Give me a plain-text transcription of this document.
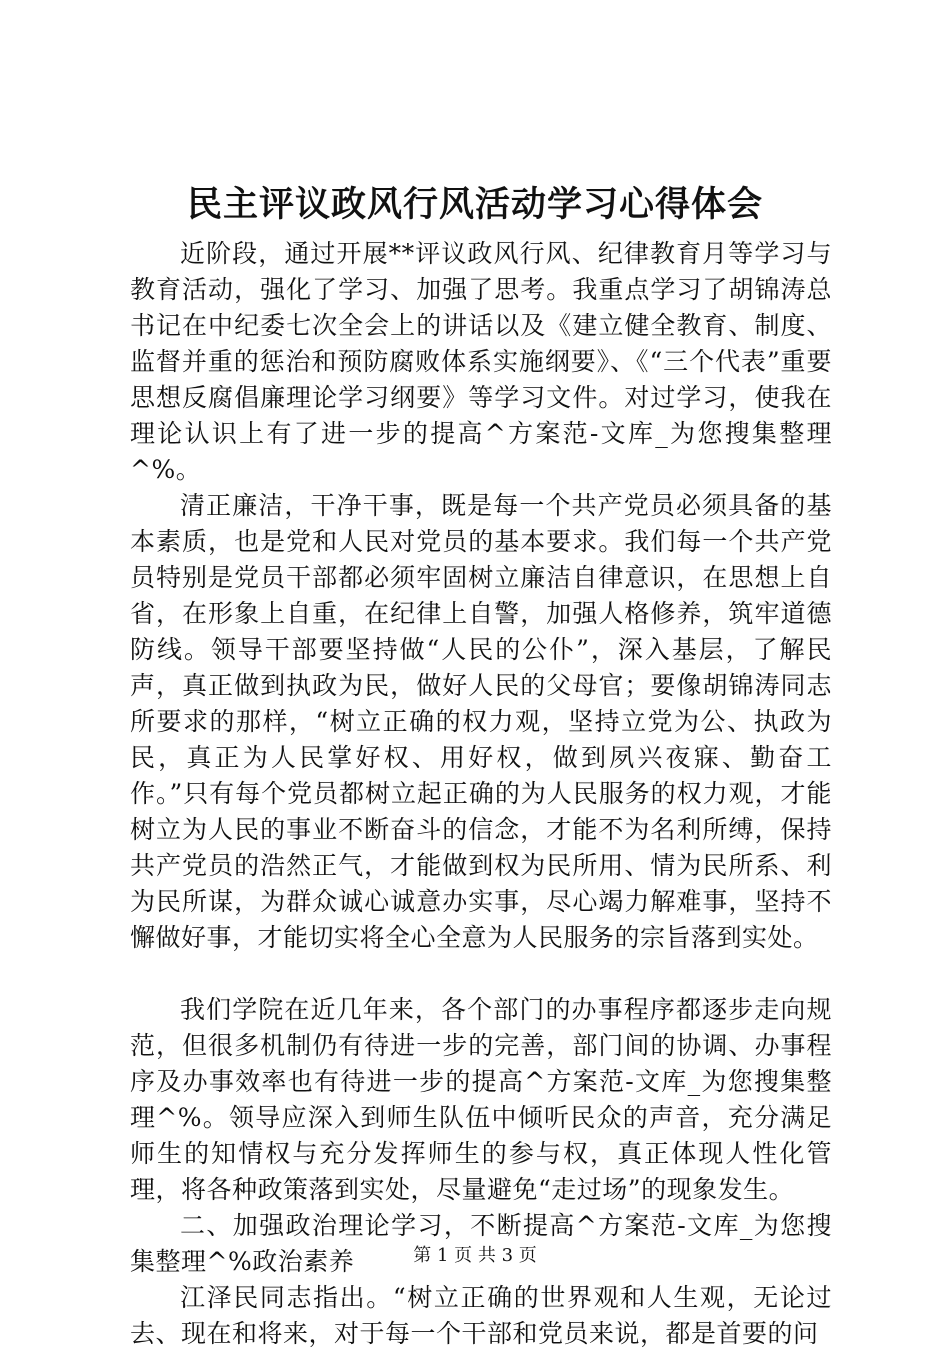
民主评议政风行风活动学习心得体会

近阶段，通过开展**评议政风行风、纪律教育月等学习与教育活动，强化了学习、加强了思考。我重点学习了胡锦涛总书记在中纪委七次全会上的讲话以及《建立健全教育、制度、监督并重的惩治和预防腐败体系实施纲要》、《“三个代表”重要思想反腐倡廉理论学习纲要》等学习文件。对过学习，使我在理论认识上有了进一步的提高^方案范-文库_为您搜集整理^%。

清正廉洁，干净干事，既是每一个共产党员必须具备的基本素质，也是党和人民对党员的基本要求。我们每一个共产党员特别是党员干部都必须牢固树立廉洁自律意识，在思想上自省，在形象上自重，在纪律上自警，加强人格修养，筑牢道德防线。领导干部要坚持做“人民的公仆”，深入基层，了解民声，真正做到执政为民，做好人民的父母官；要像胡锦涛同志所要求的那样，“树立正确的权力观，坚持立党为公、执政为民，真正为人民掌好权、用好权，做到夙兴夜寐、勤奋工作。”只有每个党员都树立起正确的为人民服务的权力观，才能树立为人民的事业不断奋斗的信念，才能不为名利所缚，保持共产党员的浩然正气，才能做到权为民所用、情为民所系、利为民所谋，为群众诚心诚意办实事，尽心竭力解难事，坚持不懈做好事，才能切实将全心全意为人民服务的宗旨落到实处。

我们学院在近几年来，各个部门的办事程序都逐步走向规范，但很多机制仍有待进一步的完善，部门间的协调、办事程序及办事效率也有待进一步的提高^方案范-文库_为您搜集整理^%。领导应深入到师生队伍中倾听民众的声音，充分满足师生的知情权与充分发挥师生的参与权，真正体现人性化管理，将各种政策落到实处，尽量避免“走过场”的现象发生。

二、加强政治理论学习，不断提高^方案范-文库_为您搜集整理^%政治素养

江泽民同志指出。“树立正确的世界观和人生观，无论过去、现在和将来，对于每一个干部和党员来说，都是首要的问

第 1 页 共 3 页
